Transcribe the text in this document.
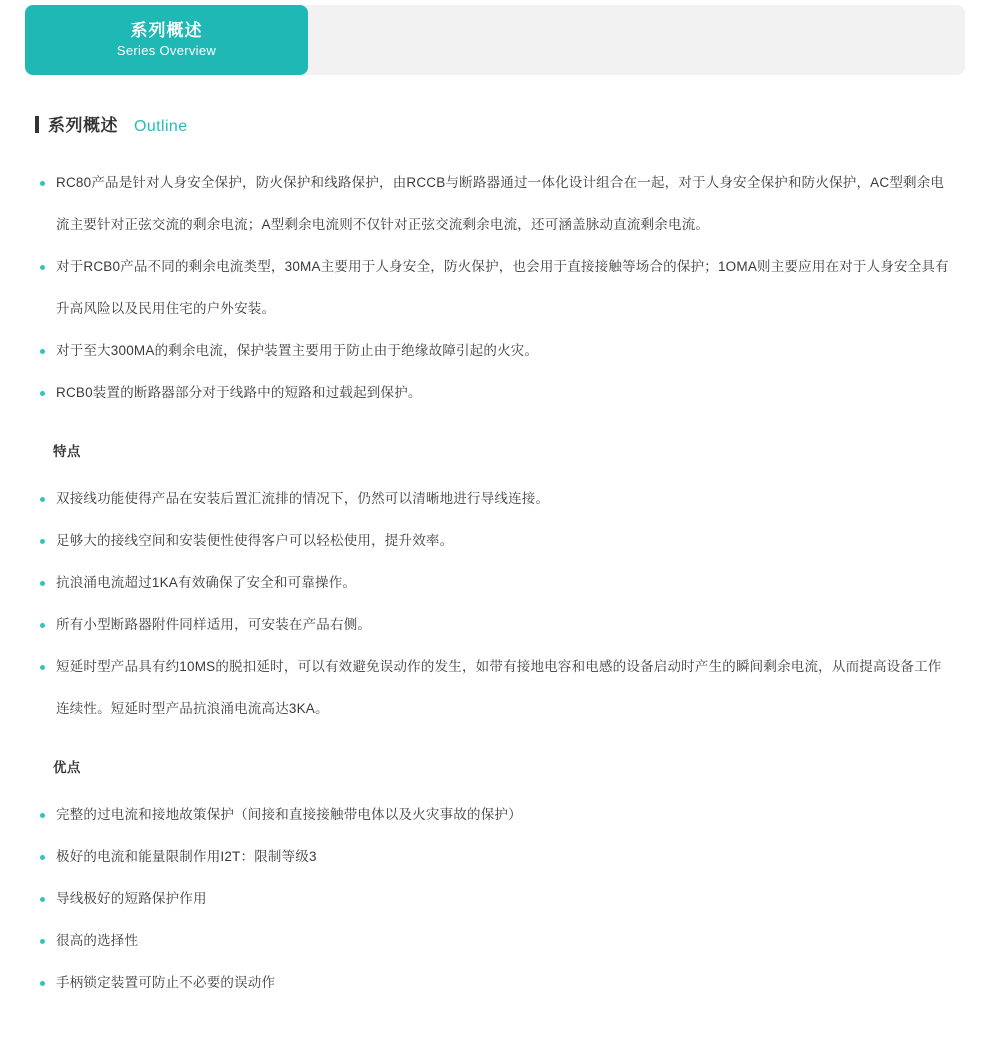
系列概述
Series Overview
系列概述 Outline
RC80产品是针对人身安全保护，防火保护和线路保护，由RCCB与断路器通过一体化设计组合在一起，对于人身安全保护和防火保护，AC型剩余电流主要针对正弦交流的剩余电流；A型剩余电流则不仅针对正弦交流剩余电流，还可涵盖脉动直流剩余电流。
对于RCB0产品不同的剩余电流类型，30MA主要用于人身安全，防火保护，也会用于直接接触等场合的保护；1OMA则主要应用在对于人身安全具有升高风险以及民用住宅的户外安装。
对于至大300MA的剩余电流，保护装置主要用于防止由于绝缘故障引起的火灾。
RCB0装置的断路器部分对于线路中的短路和过载起到保护。
特点
双接线功能使得产品在安装后置汇流排的情况下，仍然可以清晰地进行导线连接。
足够大的接线空间和安装便性使得客户可以轻松使用，提升效率。
抗浪涌电流超过1KA有效确保了安全和可靠操作。
所有小型断路器附件同样适用，可安装在产品右侧。
短延时型产品具有约10MS的脱扣延时，可以有效避免误动作的发生，如带有接地电容和电感的设备启动时产生的瞬间剩余电流，从而提高设备工作连续性。短延时型产品抗浪涌电流高达3KA。
优点
完整的过电流和接地故策保护（间接和直接接触带电体以及火灾事故的保护）
极好的电流和能量限制作用I2T：限制等级3
导线极好的短路保护作用
很高的选择性
手柄锁定装置可防止不必要的误动作
